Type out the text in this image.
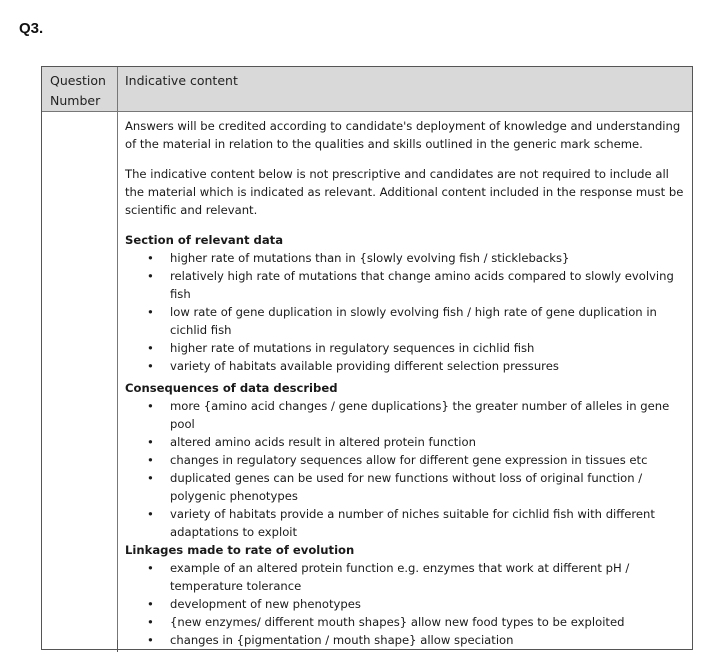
Q3.
Question
Number
Indicative content

Answers will be credited according to candidate's deployment of knowledge and understanding of the material in relation to the qualities and skills outlined in the generic mark scheme.

The indicative content below is not prescriptive and candidates are not required to include all the material which is indicated as relevant. Additional content included in the response must be scientific and relevant.

Section of relevant data

• higher rate of mutations than in {slowly evolving fish / sticklebacks}
• relatively high rate of mutations that change amino acids compared to slowly evolving fish
• low rate of gene duplication in slowly evolving fish / high rate of gene duplication in cichlid fish
• higher rate of mutations in regulatory sequences in cichlid fish
• variety of habitats available providing different selection pressures

Consequences of data described

• more {amino acid changes / gene duplications} the greater number of alleles in gene pool
• altered amino acids result in altered protein function
• changes in regulatory sequences allow for different gene expression in tissues etc
• duplicated genes can be used for new functions without loss of original function / polygenic phenotypes
• variety of habitats provide a number of niches suitable for cichlid fish with different adaptations to exploit

Linkages made to rate of evolution

• example of an altered protein function e.g. enzymes that work at different pH / temperature tolerance
• development of new phenotypes
• {new enzymes/ different mouth shapes} allow new food types to be exploited
• changes in {pigmentation / mouth shape} allow speciation
